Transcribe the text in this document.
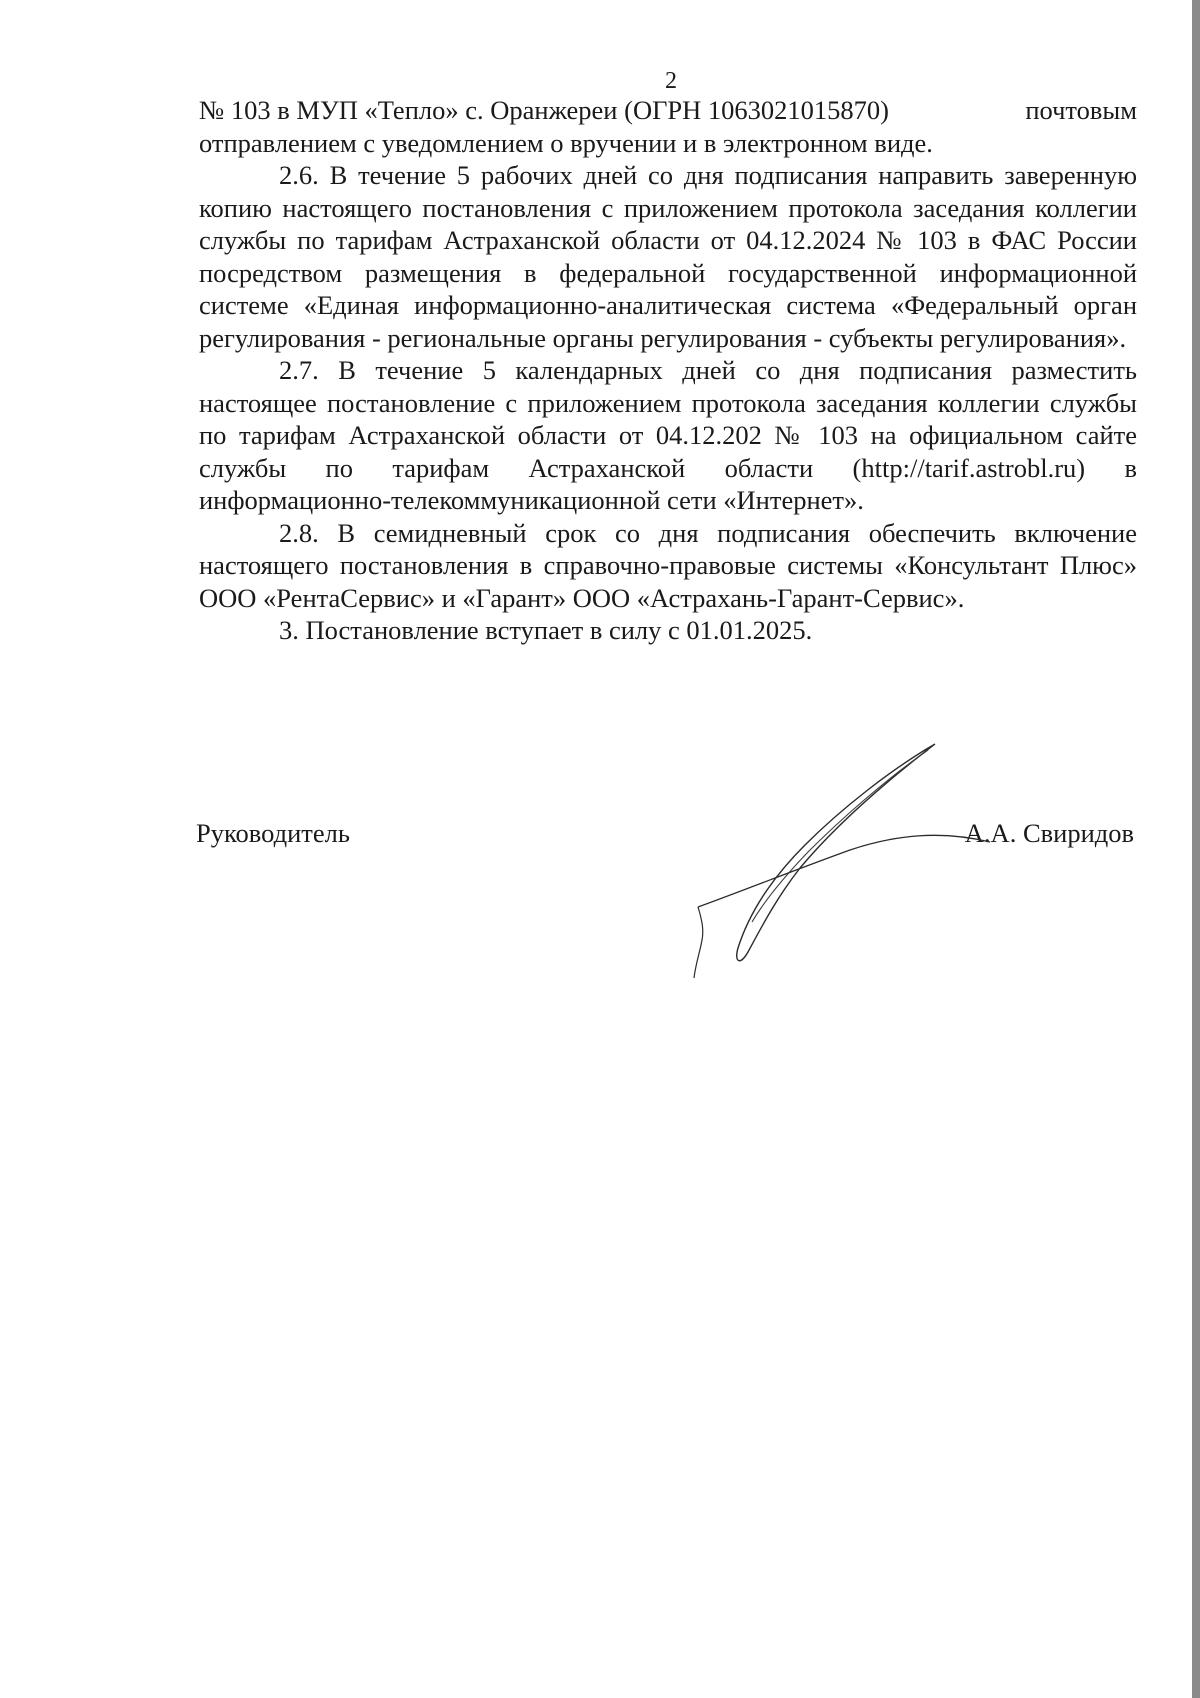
2

№ 103 в МУП «Тепло» с. Оранжереи (ОГРН 1063021015870)	почтовым
отправлением с уведомлением о вручении и в электронном виде.

2.6. В течение 5 рабочих дней со дня подписания направить заверенную копию настоящего постановления с приложением протокола заседания коллегии службы по тарифам Астраханской области от 04.12.2024 № 103 в ФАС России посредством размещения в федеральной государственной информационной системе «Единая информационно-аналитическая система «Федеральный орган регулирования - региональные органы регулирования - субъекты регулирования».

2.7. В течение 5 календарных дней со дня подписания разместить настоящее постановление с приложением протокола заседания коллегии службы по тарифам Астраханской области от 04.12.202 № 103 на официальном сайте службы по тарифам Астраханской области (http://tarif.astrobl.ru) в информационно-телекоммуникационной сети «Интернет».

2.8. В семидневный срок со дня подписания обеспечить включение настоящего постановления в справочно-правовые системы «Консультант Плюс» ООО «РентаСервис» и «Гарант» ООО «Астрахань-Гарант-Сервис».

3. Постановление вступает в силу с 01.01.2025.

Руководитель	А.А. Свиридов
